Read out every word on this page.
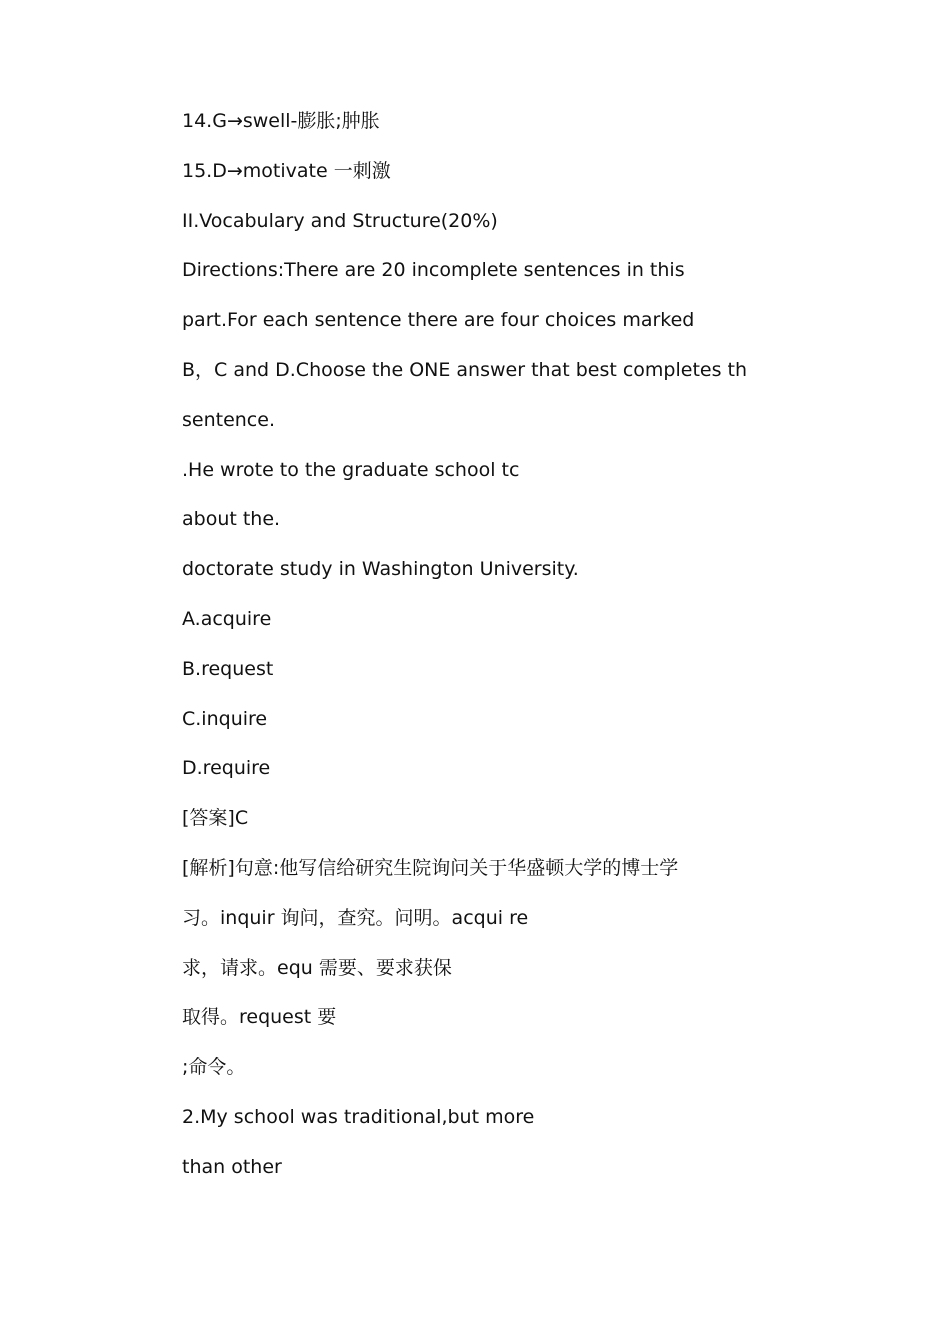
14.G→swell-膨胀;肿胀
15.D→motivate 一刺激
II.Vocabulary and Structure(20%)
Directions:There are 20 incomplete sentences in this
part.For each sentence there are four choices marked
B，C and D.Choose the ONE answer that best completes th
sentence.
.He wrote to the graduate school tc
about the.
doctorate study in Washington University.
A.acquire
B.request
C.inquire
D.require
[答案]C
[解析]句意:他写信给研究生院询问关于华盛顿大学的博士学
习。inquir 询问，查究。问明。acqui re
求，请求。equ 需要、要求获保
取得。request 要
;命令。
2.My school was traditional,but more
than other
